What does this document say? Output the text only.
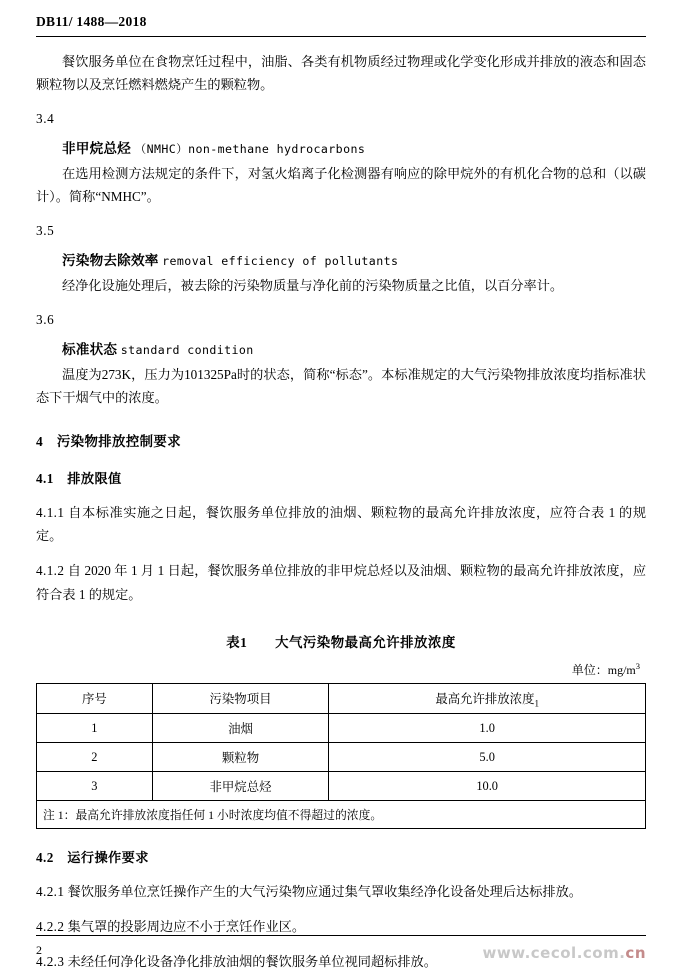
DB11/ 1488—2018

餐饮服务单位在食物烹饪过程中，油脂、各类有机物质经过物理或化学变化形成并排放的液态和固态颗粒物以及烹饪燃料燃烧产生的颗粒物。

3.4
非甲烷总烃 （NMHC）non-methane hydrocarbons

在选用检测方法规定的条件下，对氢火焰离子化检测器有响应的除甲烷外的有机化合物的总和（以碳计）。简称“NMHC”。

3.5
污染物去除效率 removal efficiency of pollutants

经净化设施处理后，被去除的污染物质量与净化前的污染物质量之比值，以百分率计。

3.6
标准状态 standard condition

温度为273K，压力为101325Pa时的状态，简称“标态”。本标准规定的大气污染物排放浓度均指标准状态下干烟气中的浓度。

4　污染物排放控制要求
4.1　排放限值

4.1.1 自本标准实施之日起，餐饮服务单位排放的油烟、颗粒物的最高允许排放浓度，应符合表 1 的规定。

4.1.2 自 2020 年 1 月 1 日起，餐饮服务单位排放的非甲烷总烃以及油烟、颗粒物的最高允许排放浓度，应符合表 1 的规定。

表1　　大气污染物最高允许排放浓度
单位：$mg/m^3$
序号	污染物项目	最高允许排放浓度$_1$
1	油烟	1.0
2	颗粒物	5.0
3	非甲烷总烃	10.0
注 1：最高允许排放浓度指任何 1 小时浓度均值不得超过的浓度。		
4.2　运行操作要求

4.2.1 餐饮服务单位烹饪操作产生的大气污染物应通过集气罩收集经净化设备处理后达标排放。

4.2.2 集气罩的投影周边应不小于烹饪作业区。

4.2.3 未经任何净化设备净化排放油烟的餐饮服务单位视同超标排放。

2	www.cecol.com.cn
